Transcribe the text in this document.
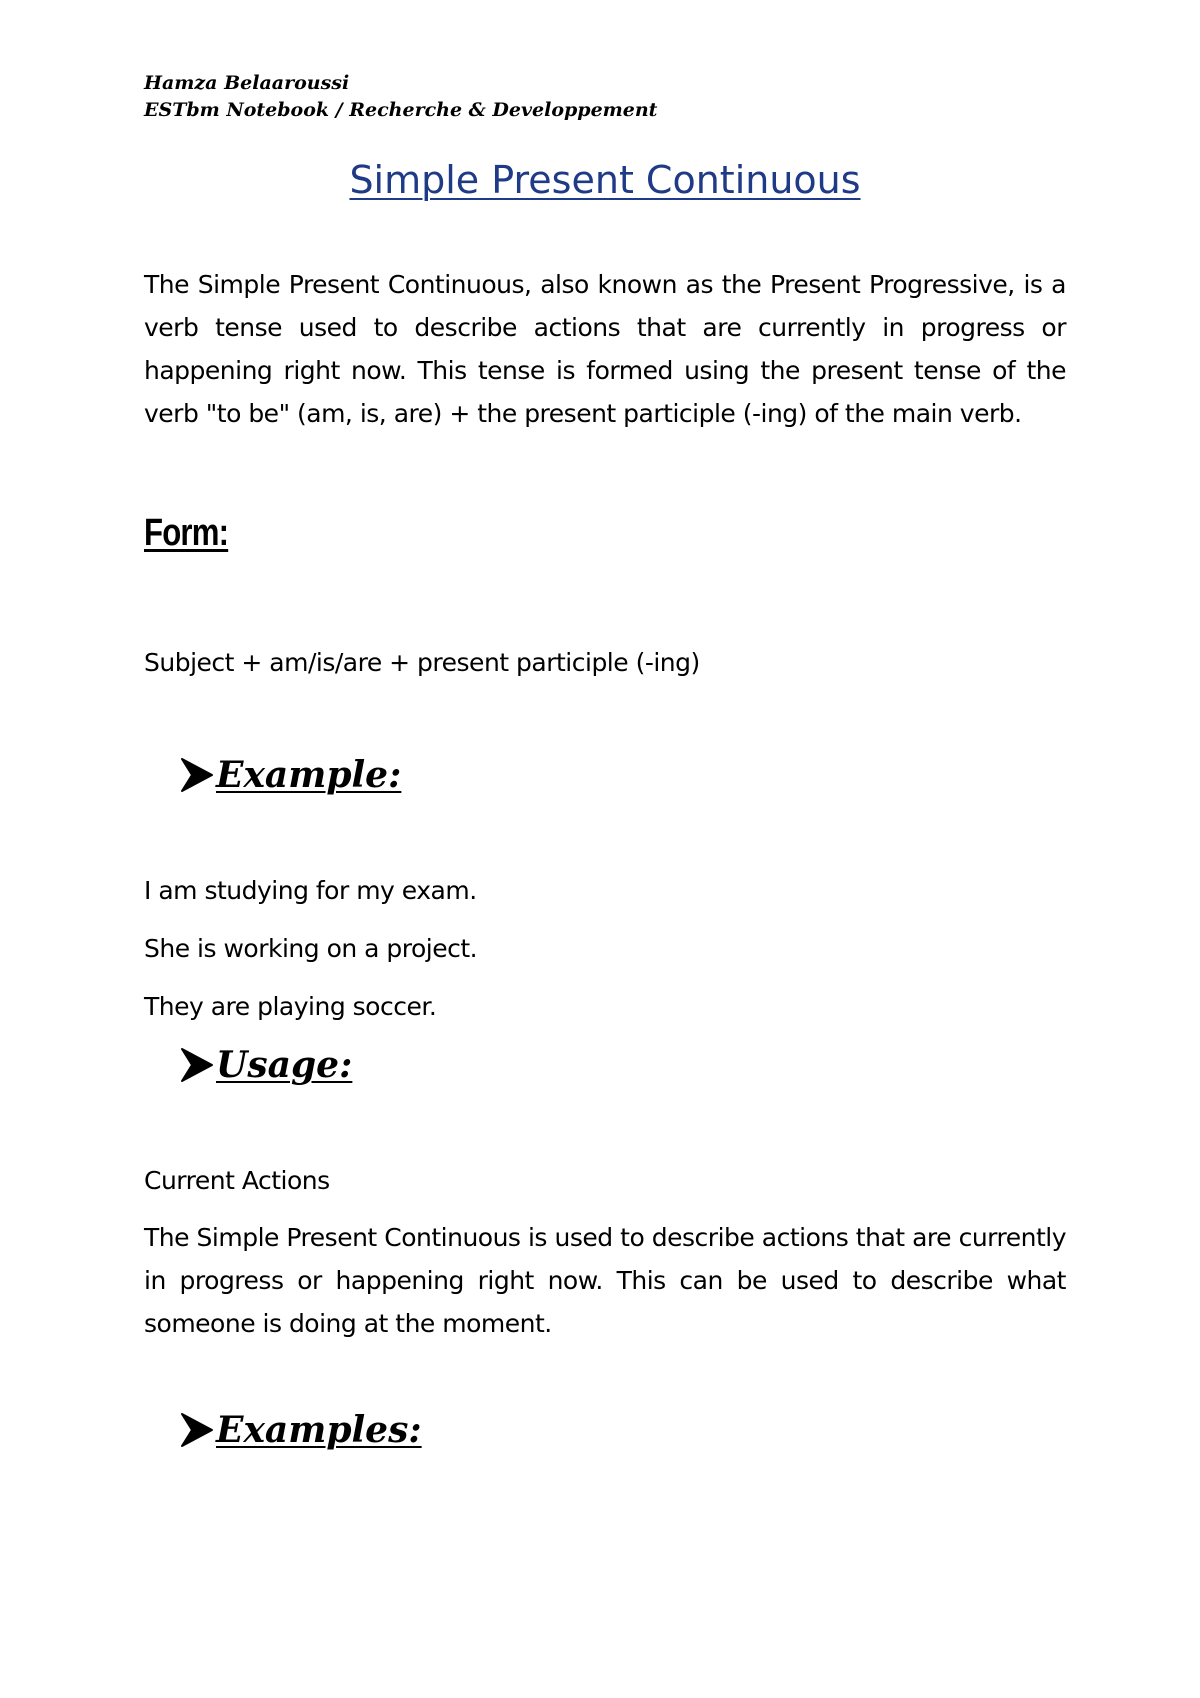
Hamza Belaaroussi
ESTbm Notebook / Recherche & Developpement
Simple Present Continuous
The Simple Present Continuous, also known as the Present Progressive, is a verb tense used to describe actions that are currently in progress or happening right now. This tense is formed using the present tense of the verb "to be" (am, is, are) + the present participle (-ing) of the main verb.
Form:
Subject + am/is/are + present participle (-ing)
Example:
I am studying for my exam.
She is working on a project.
They are playing soccer.
Usage:
Current Actions
The Simple Present Continuous is used to describe actions that are currently in progress or happening right now. This can be used to describe what someone is doing at the moment.
Examples:
